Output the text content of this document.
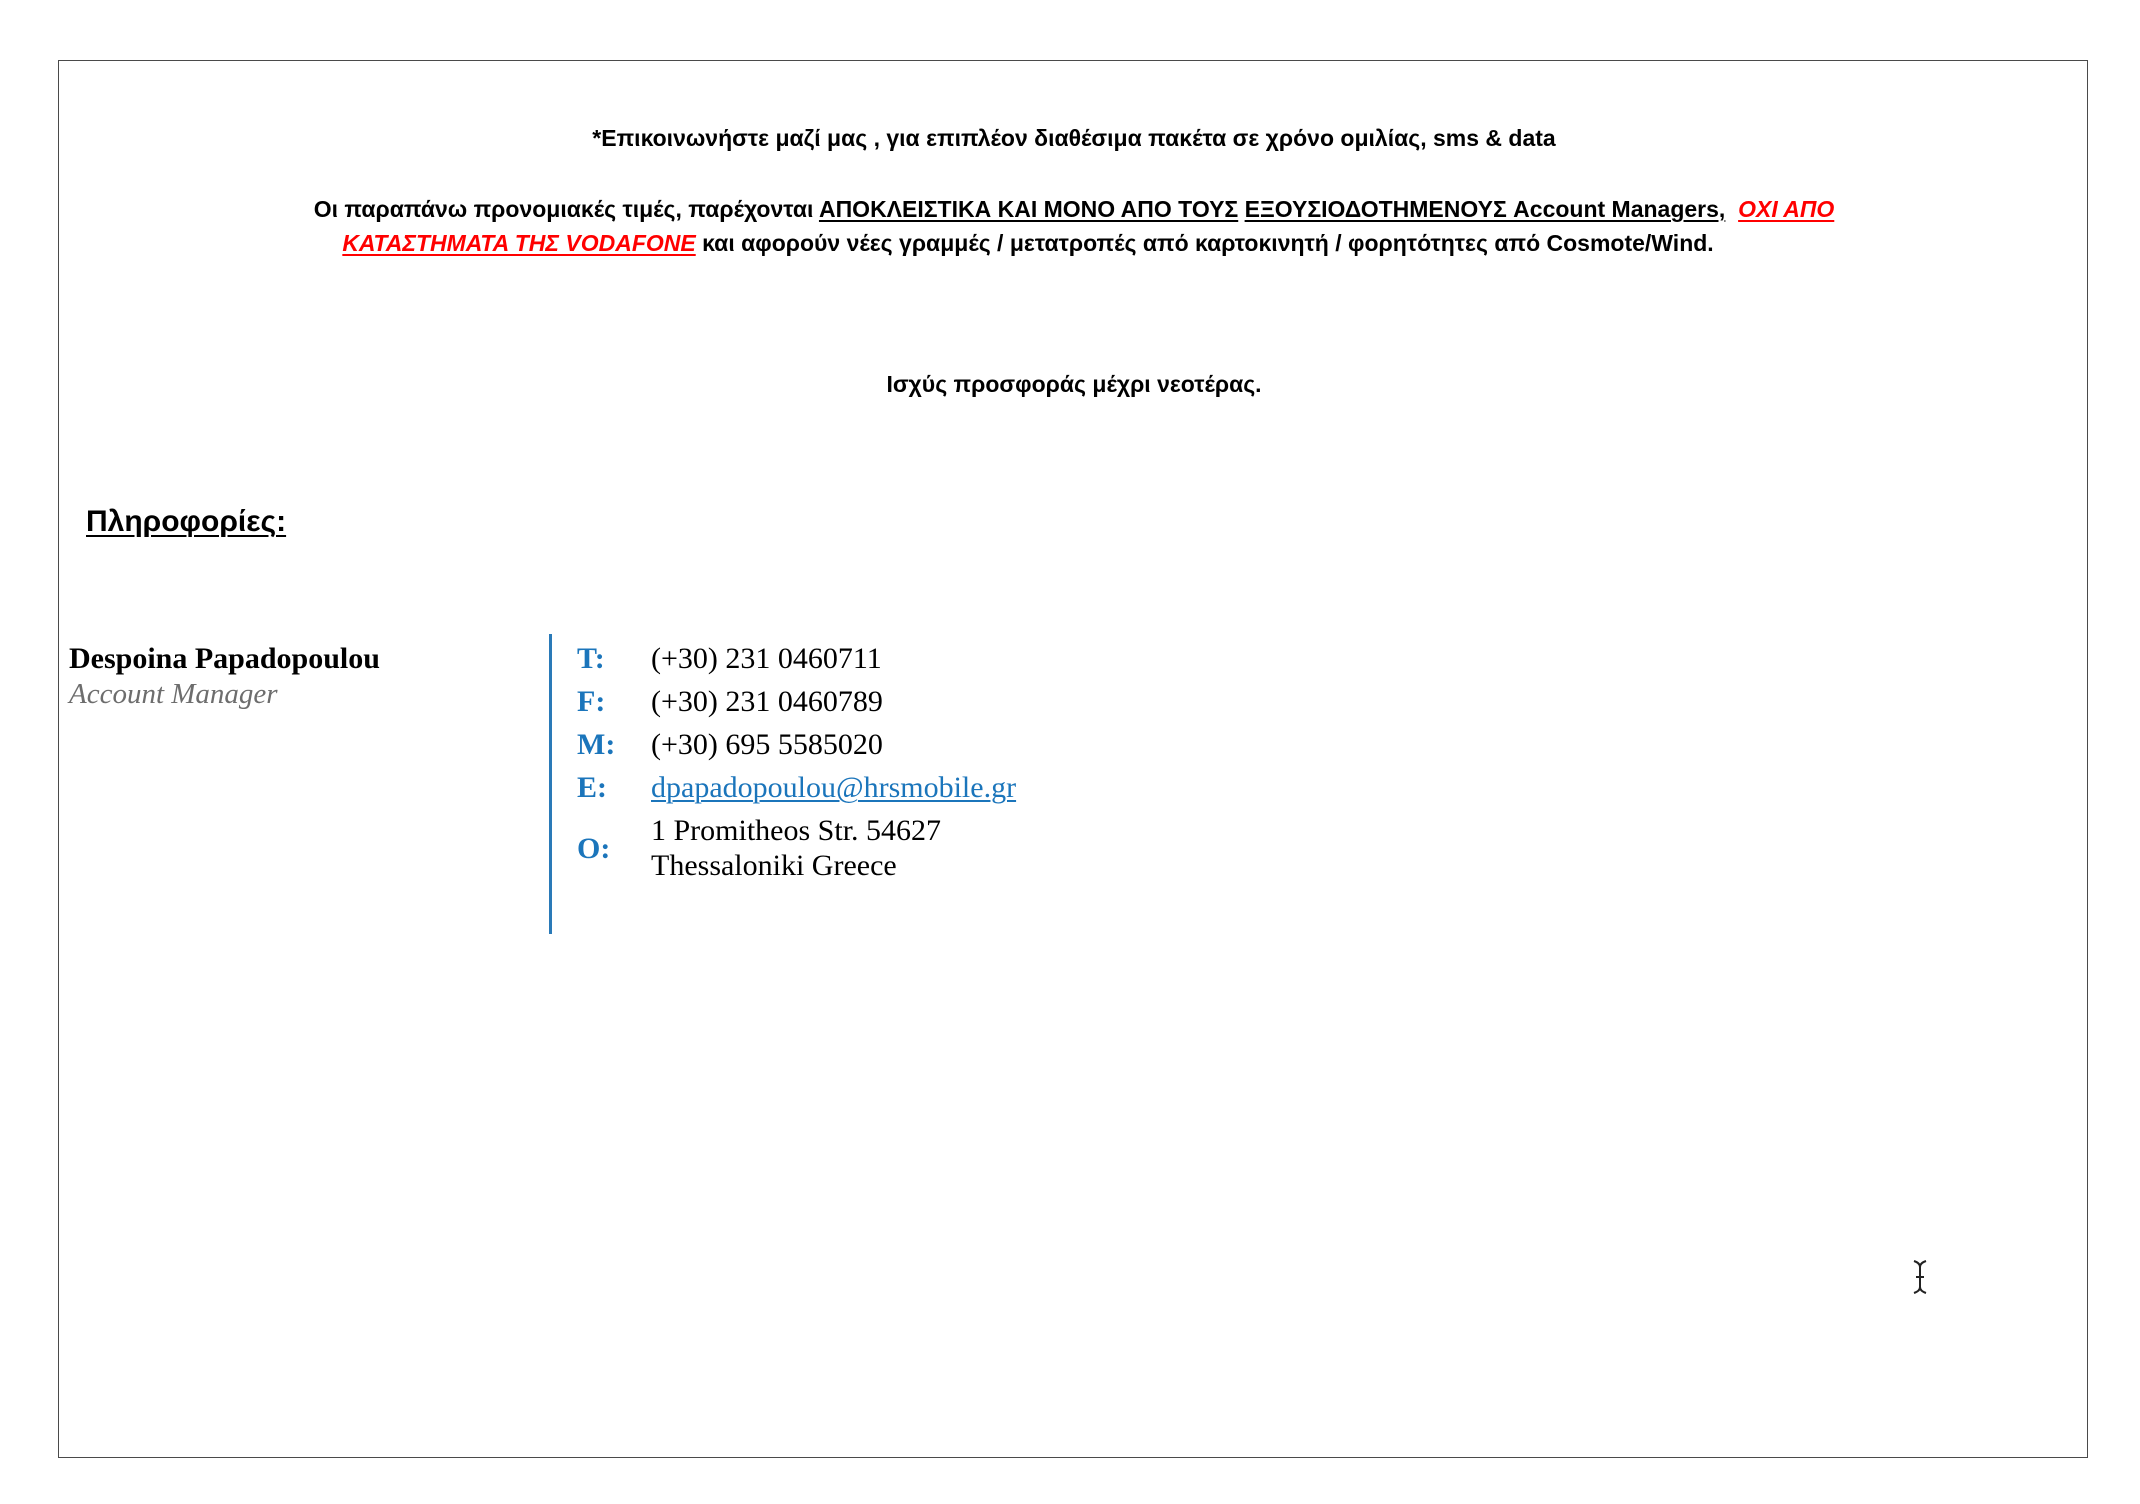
*Επικοινωνήστε μαζί μας , για επιπλέον διαθέσιμα πακέτα σε χρόνο ομιλίας, sms & data
Οι παραπάνω προνομιακές τιμές, παρέχονται ΑΠΟΚΛΕΙΣΤΙΚΑ ΚΑΙ ΜΟΝΟ ΑΠΟ ΤΟΥΣ ΕΞΟΥΣΙΟΔΟΤΗΜΕΝΟΥΣ Account Managers, ΟΧΙ ΑΠΟ
ΚΑΤΑΣΤΗΜΑΤΑ ΤΗΣ VODAFONE και αφορούν νέες γραμμές / μετατροπές από καρτοκινητή / φορητότητες από Cosmote/Wind.
Ισχύς προσφοράς μέχρι νεοτέρας.
Πληροφορίες:
Despoina Papadopoulou
Account Manager
T: (+30) 231 0460711
F: (+30) 231 0460789
M: (+30) 695 5585020
E: dpapadopoulou@hrsmobile.gr
O:
1 Promitheos Str. 54627
Thessaloniki Greece
